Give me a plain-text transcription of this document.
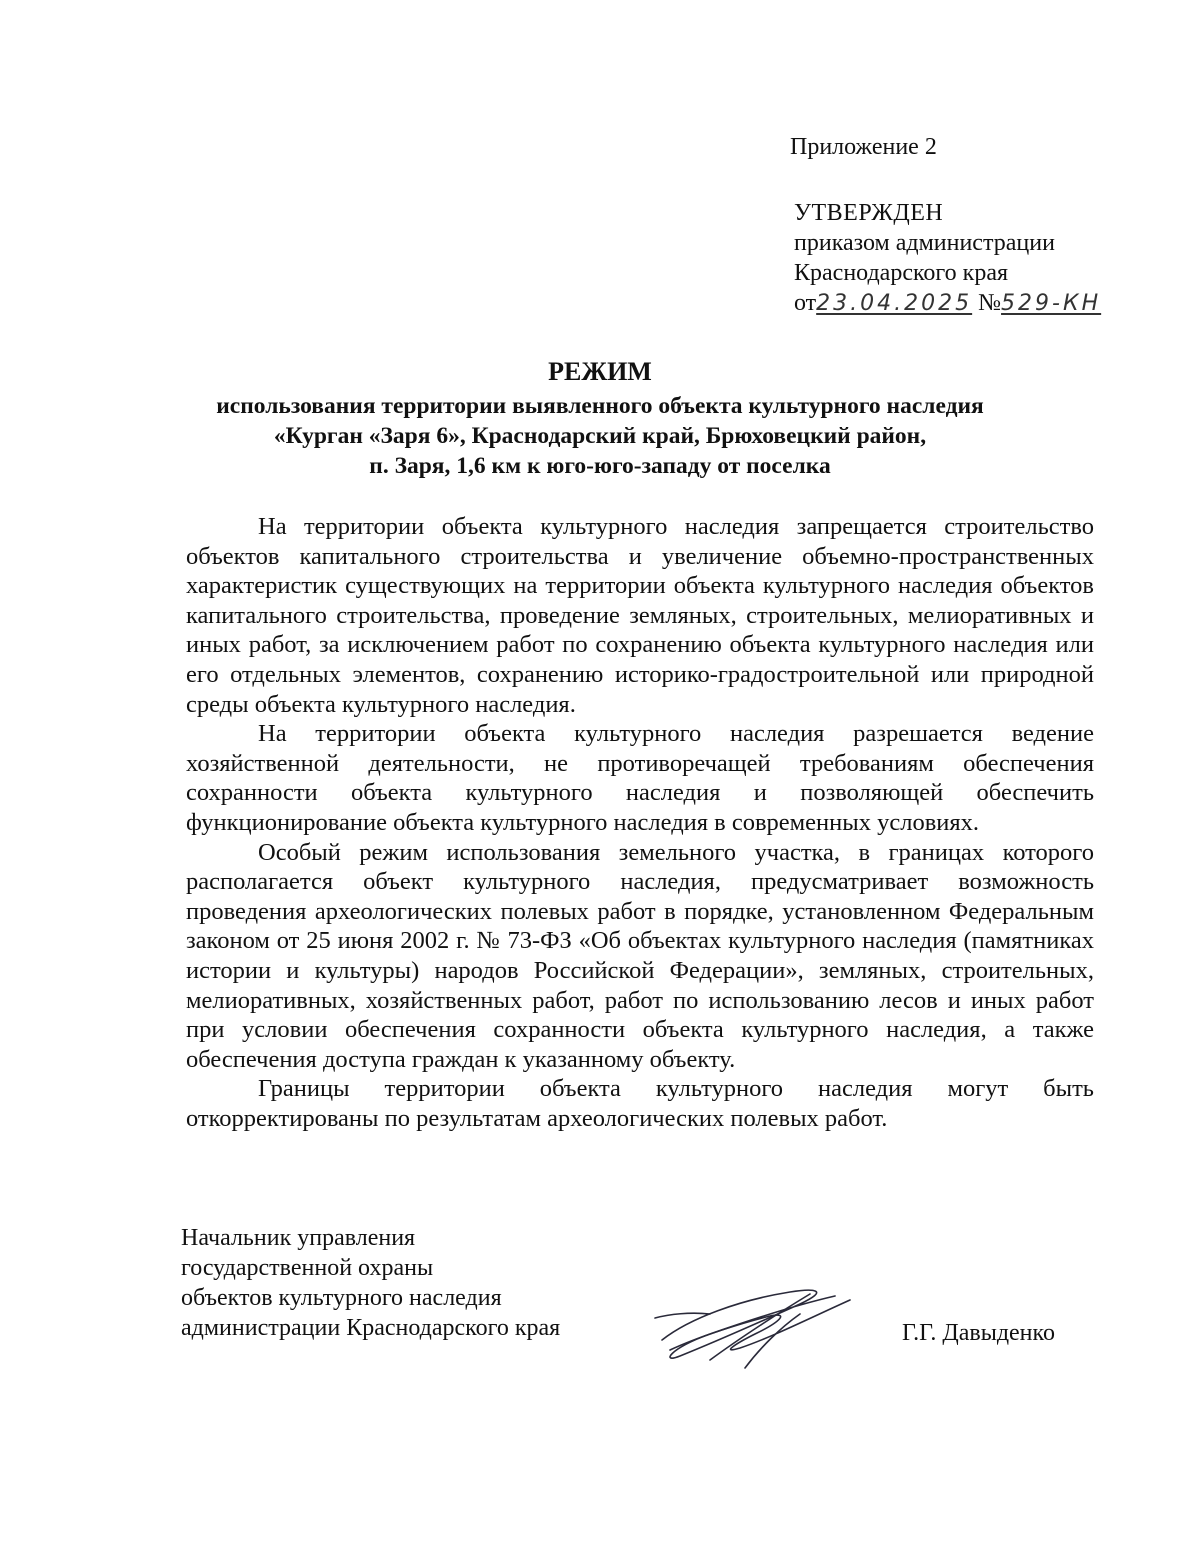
Приложение 2
УТВЕРЖДЕН
приказом администрации
Краснодарского края
от23.04.2025 №529-КН
РЕЖИМ
использования территории выявленного объекта культурного наследия
«Курган «Заря 6», Краснодарский край, Брюховецкий район,
п. Заря, 1,6 км к юго-юго-западу от поселка

На территории объекта культурного наследия запрещается строительство объектов капитального строительства и увеличение объемно-пространственных характеристик существующих на территории объекта культурного наследия объектов капитального строительства, проведение земляных, строительных, мелиоративных и иных работ, за исключением работ по сохранению объекта культурного наследия или его отдельных элементов, сохранению историко-градостроительной или природной среды объекта культурного наследия.

На территории объекта культурного наследия разрешается ведение хозяйственной деятельности, не противоречащей требованиям обеспечения сохранности объекта культурного наследия и позволяющей обеспечить функционирование объекта культурного наследия в современных условиях.

Особый режим использования земельного участка, в границах которого располагается объект культурного наследия, предусматривает возможность проведения археологических полевых работ в порядке, установленном Федеральным законом от 25 июня 2002 г. № 73-ФЗ «Об объектах культурного наследия (памятниках истории и культуры) народов Российской Федерации», земляных, строительных, мелиоративных, хозяйственных работ, работ по использованию лесов и иных работ при условии обеспечения сохранности объекта культурного наследия, а также обеспечения доступа граждан к указанному объекту.

Границы территории объекта культурного наследия могут быть откорректированы по результатам археологических полевых работ.

Начальник управления
государственной охраны
объектов культурного наследия
администрации Краснодарского края	Г.Г. Давыденко
